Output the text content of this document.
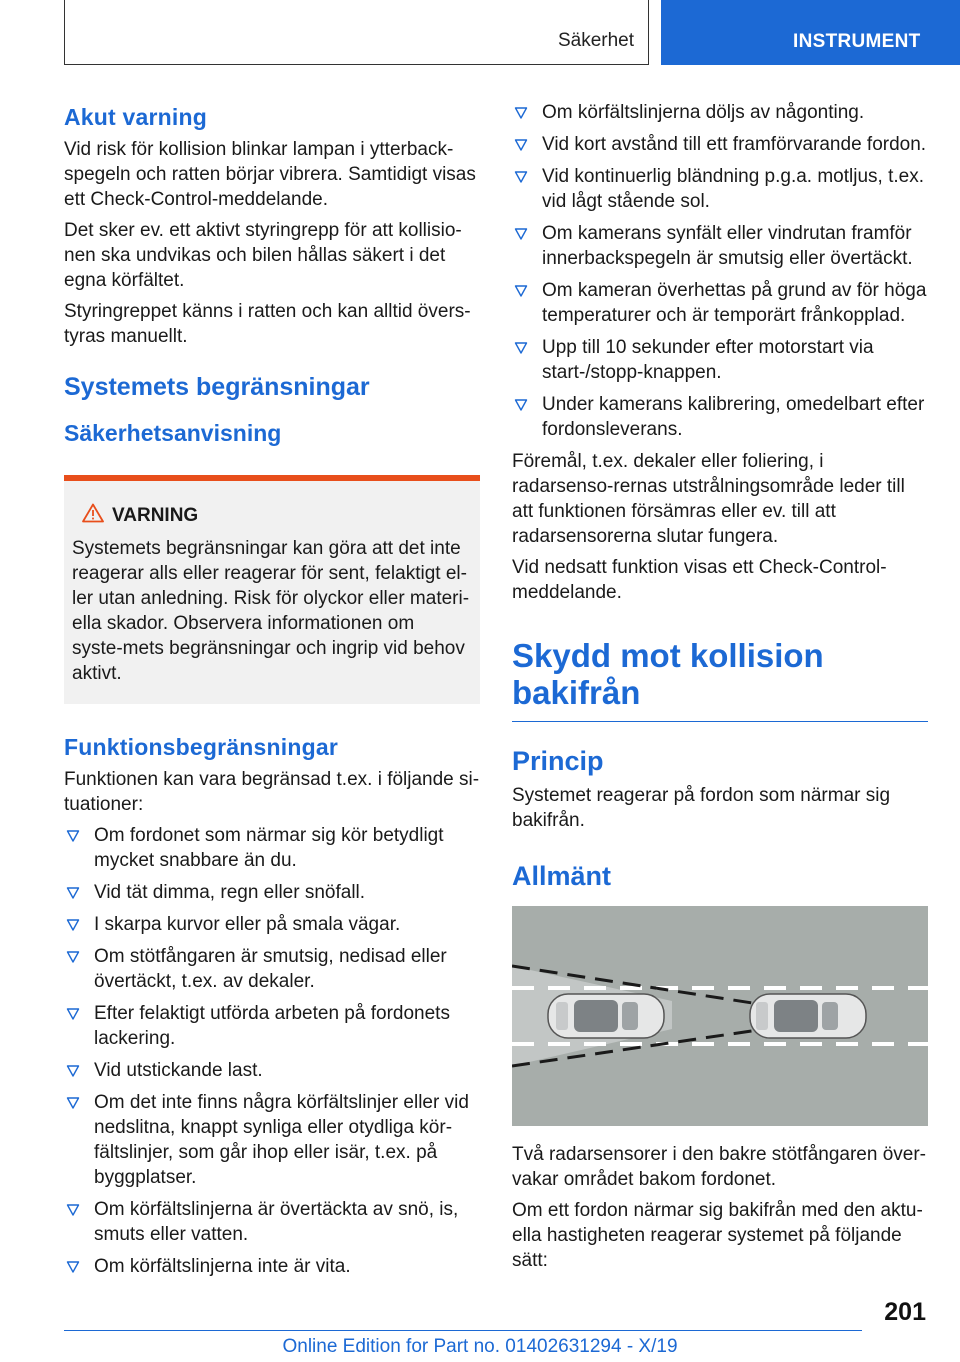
Säkerhet	INSTRUMENT
Akut varning

Vid risk för kollision blinkar lampan i ytterback-spegeln och ratten börjar vibrera. Samtidigt visas ett Check-Control-meddelande.

Det sker ev. ett aktivt styringrepp för att kollisio-nen ska undvikas och bilen hållas säkert i det egna körfältet.

Styringreppet känns i ratten och kan alltid övers-tyras manuellt.

Systemets begränsningar
Säkerhetsanvisning
VARNING

Systemets begränsningar kan göra att det inte reagerar alls eller reagerar för sent, felaktigt el-ler utan anledning. Risk för olyckor eller materi-ella skador. Observera informationen om syste-mets begränsningar och ingrip vid behov aktivt.

Funktionsbegränsningar

Funktionen kan vara begränsad t.ex. i följande si-tuationer:

Om fordonet som närmar sig kör betydligt mycket snabbare än du.
Vid tät dimma, regn eller snöfall.
I skarpa kurvor eller på smala vägar.
Om stötfångaren är smutsig, nedisad eller övertäckt, t.ex. av dekaler.
Efter felaktigt utförda arbeten på fordonets lackering.
Vid utstickande last.
Om det inte finns några körfältslinjer eller vid nedslitna, knappt synliga eller otydliga kör-fältslinjer, som går ihop eller isär, t.ex. på byggplatser.
Om körfältslinjerna är övertäckta av snö, is, smuts eller vatten.
Om körfältslinjerna inte är vita.
Om körfältslinjerna döljs av någonting.
Vid kort avstånd till ett framförvarande fordon.
Vid kontinuerlig bländning p.g.a. motljus, t.ex. vid lågt stående sol.
Om kamerans synfält eller vindrutan framför innerbackspegeln är smutsig eller övertäckt.
Om kameran överhettas på grund av för höga temperaturer och är temporärt frånkopplad.
Upp till 10 sekunder efter motorstart via start-/stopp-knappen.
Under kamerans kalibrering, omedelbart efter fordonsleverans.

Föremål, t.ex. dekaler eller foliering, i radarsenso-rernas utstrålningsområde leder till att funktionen försämras eller ev. till att radarsensorerna slutar fungera.

Vid nedsatt funktion visas ett Check-Control-meddelande.

Skydd mot kollision
bakifrån
Princip

Systemet reagerar på fordon som närmar sig bakifrån.

Allmänt

Två radarsensorer i den bakre stötfångaren över-vakar området bakom fordonet.

Om ett fordon närmar sig bakifrån med den aktu-ella hastigheten reagerar systemet på följande sätt:

201
Online Edition for Part no. 01402631294 - X/19
